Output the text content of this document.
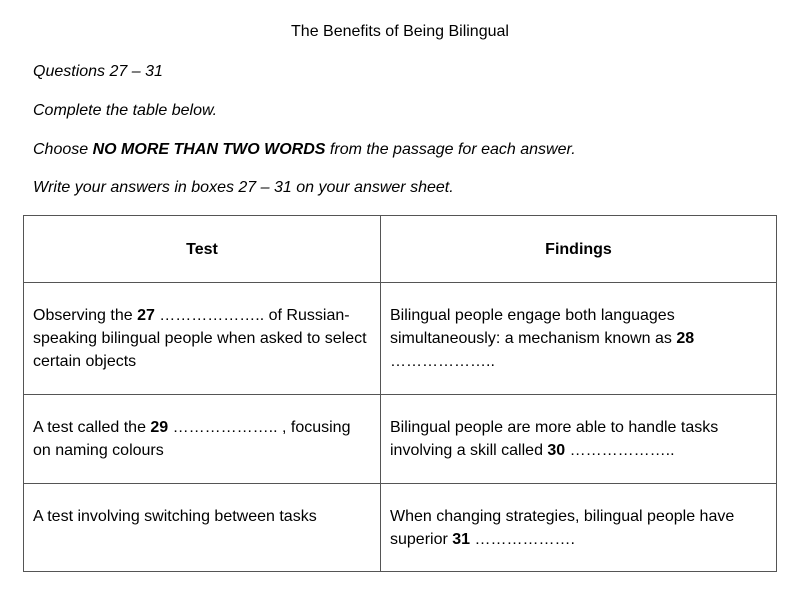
The Benefits of Being Bilingual
Questions 27 – 31
Complete the table below.
Choose NO MORE THAN TWO WORDS from the passage for each answer.
Write your answers in boxes 27 – 31 on your answer sheet.
Test	Findings
Observing the 27 ……………….. of Russian-speaking bilingual people when asked to select certain objects	Bilingual people engage both languages simultaneously: a mechanism known as 28 ………………..
A test called the 29 ……………….. , focusing on naming colours	Bilingual people are more able to handle tasks involving a skill called 30 ………………..
A test involving switching between tasks	When changing strategies, bilingual people have superior 31 ……………….
